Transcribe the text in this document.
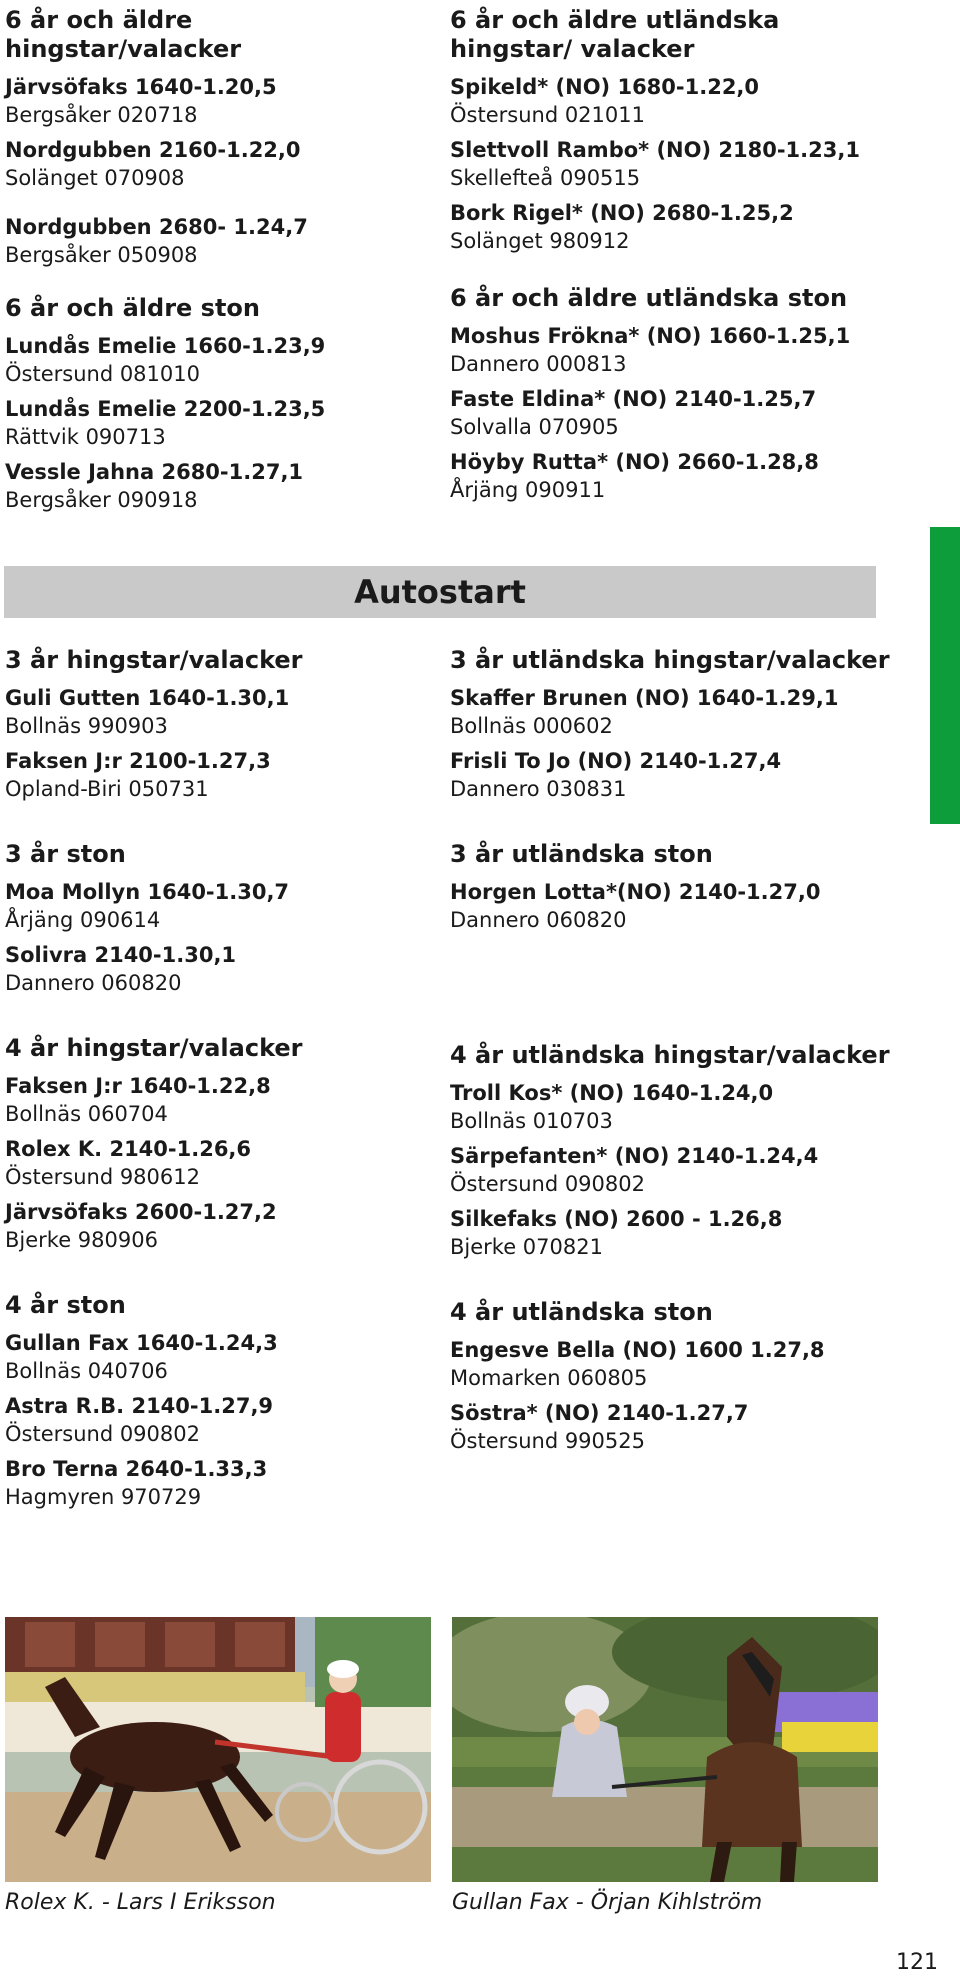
6 år och äldre hingstar/valacker
Järvsöfaks 1640-1.20,5
Bergsåker 020718
Nordgubben 2160-1.22,0
Solänget 070908
Nordgubben 2680- 1.24,7
Bergsåker 050908
6 år och äldre ston
Lundås Emelie 1660-1.23,9
Östersund 081010
Lundås Emelie 2200-1.23,5
Rättvik 090713
Vessle Jahna 2680-1.27,1
Bergsåker 090918
6 år och äldre utländska hingstar/ valacker
Spikeld* (NO) 1680-1.22,0
Östersund 021011
Slettvoll Rambo* (NO) 2180-1.23,1
Skellefteå 090515
Bork Rigel* (NO) 2680-1.25,2
Solänget 980912
6 år och äldre utländska ston
Moshus Frökna* (NO) 1660-1.25,1
Dannero 000813
Faste Eldina* (NO) 2140-1.25,7
Solvalla 070905
Höyby Rutta* (NO) 2660-1.28,8
Årjäng 090911
Autostart
3 år hingstar/valacker
Guli Gutten 1640-1.30,1
Bollnäs 990903
Faksen J:r 2100-1.27,3
Opland-Biri 050731
3 år ston
Moa Mollyn 1640-1.30,7
Årjäng 090614
Solivra 2140-1.30,1
Dannero 060820
4 år hingstar/valacker
Faksen J:r 1640-1.22,8
Bollnäs 060704
Rolex K. 2140-1.26,6
Östersund 980612
Järvsöfaks 2600-1.27,2
Bjerke 980906
4 år ston
Gullan Fax 1640-1.24,3
Bollnäs 040706
Astra R.B. 2140-1.27,9
Östersund 090802
Bro Terna 2640-1.33,3
Hagmyren 970729
3 år utländska hingstar/valacker
Skaffer Brunen (NO) 1640-1.29,1
Bollnäs 000602
Frisli To Jo (NO) 2140-1.27,4
Dannero 030831
3 år utländska ston
Horgen Lotta*(NO) 2140-1.27,0
Dannero 060820
4 år utländska hingstar/valacker
Troll Kos* (NO) 1640-1.24,0
Bollnäs 010703
Särpefanten* (NO) 2140-1.24,4
Östersund 090802
Silkefaks (NO) 2600 - 1.26,8
Bjerke 070821
4 år utländska ston
Engesve Bella (NO) 1600 1.27,8
Momarken 060805
Söstra* (NO) 2140-1.27,7
Östersund 990525
Rolex K. - Lars I Eriksson	Gullan Fax - Örjan Kihlström
121
